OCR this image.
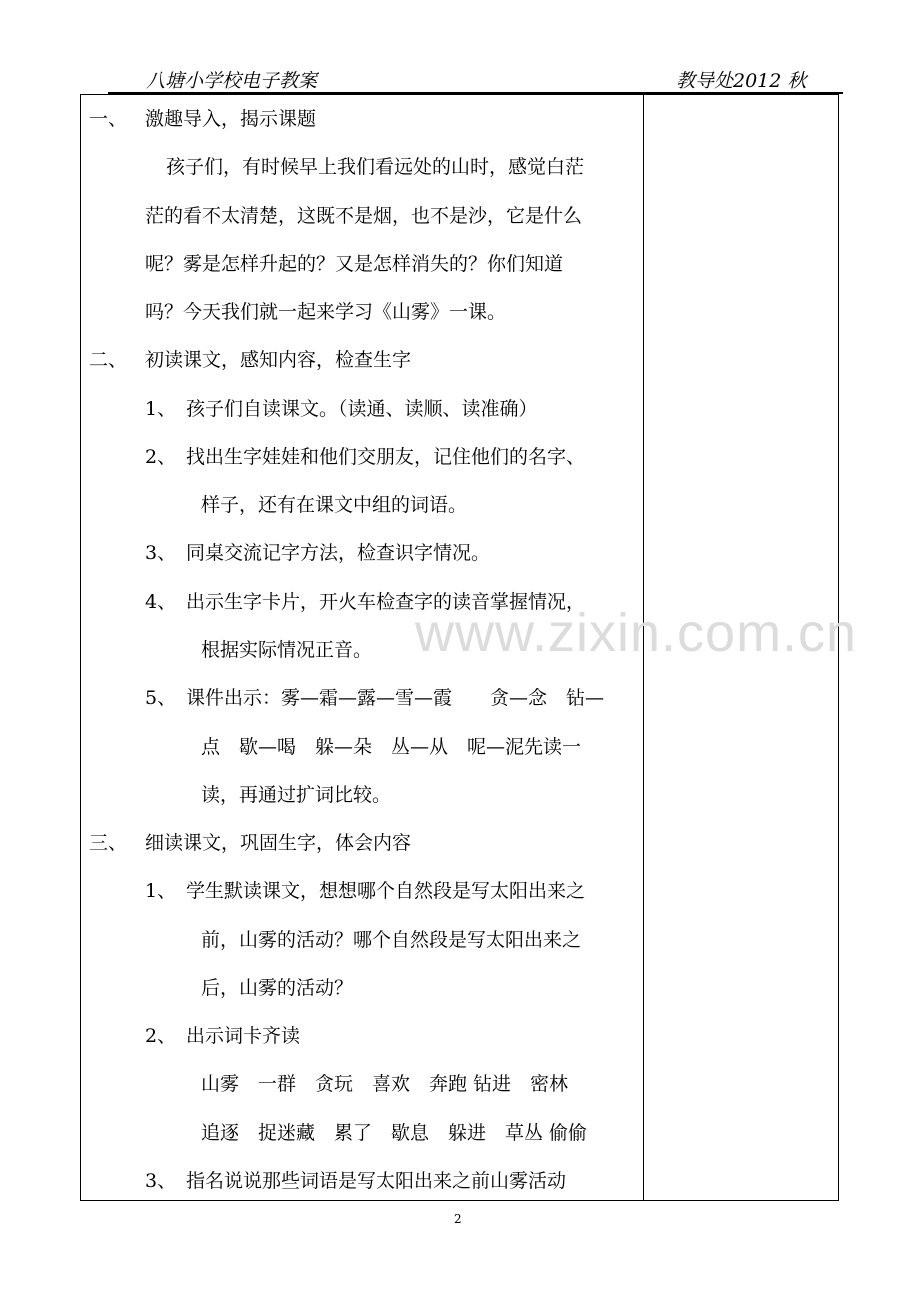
八塘小学校电子教案	教导处2012 秋
www.zixin.com.cn
一、 激趣导入，揭示课题
孩子们，有时候早上我们看远处的山时，感觉白茫
茫的看不太清楚，这既不是烟，也不是沙，它是什么
呢？雾是怎样升起的？又是怎样消失的？你们知道
吗？今天我们就一起来学习《山雾》一课。
二、 初读课文，感知内容，检查生字
1、 孩子们自读课文。（读通、读顺、读准确）
2、 找出生字娃娃和他们交朋友，记住他们的名字、
样子，还有在课文中组的词语。
3、 同桌交流记字方法，检查识字情况。
4、 出示生字卡片，开火车检查字的读音掌握情况，
根据实际情况正音。
5、 课件出示：雾—霜—露—雪—霞　　贪—念　钻—
点　歇—喝　躲—朵　丛—从　呢—泥先读一
读，再通过扩词比较。
三、 细读课文，巩固生字，体会内容
1、 学生默读课文，想想哪个自然段是写太阳出来之
前，山雾的活动？哪个自然段是写太阳出来之
后，山雾的活动？
2、 出示词卡齐读
山雾　一群　贪玩　喜欢　奔跑 钻进　密林
追逐　捉迷藏　累了　歇息　躲进　草丛 偷偷
3、 指名说说那些词语是写太阳出来之前山雾活动
2
